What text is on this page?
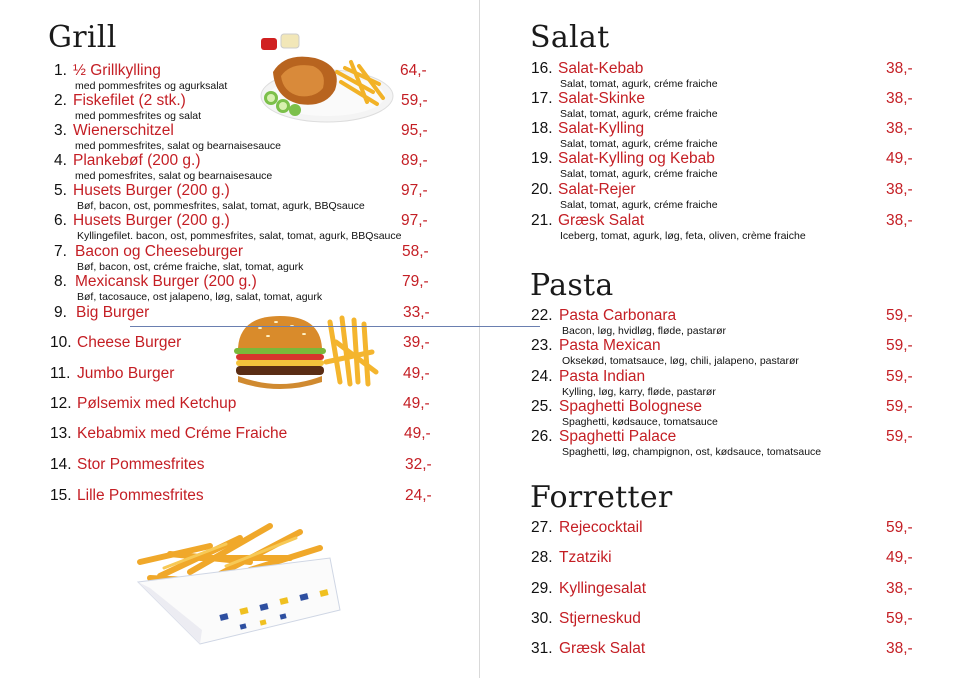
Grill
1. ½ Grillkylling	64,-
med pommesfrites og agurksalat
2. Fiskefilet (2 stk.)	59,-
med pommesfrites og salat
3. Wienerschitzel	95,-
med pommesfrites, salat og bearnaisesauce
4. Plankebøf (200 g.)	89,-
med pomesfrites, salat og bearnaisesauce
5. Husets Burger (200 g.)	97,-
Bøf, bacon, ost, pommesfrites, salat, tomat, agurk, BBQsauce
6. Husets Burger (200 g.)	97,-
Kyllingefilet. bacon, ost, pommesfrites, salat, tomat, agurk, BBQsauce
7. Bacon og Cheeseburger	58,-
Bøf, bacon, ost, créme fraiche, slat, tomat, agurk
8. Mexicansk Burger (200 g.)	79,-
Bøf, tacosauce, ost jalapeno, løg, salat, tomat, agurk
9. Big Burger	33,-
10. Cheese Burger	39,-
11. Jumbo Burger	49,-
12. Pølsemix med Ketchup	49,-
13. Kebabmix med Créme Fraiche	49,-
14. Stor Pommesfrites	32,-
15. Lille Pommesfrites	24,-
Salat
16. Salat-Kebab	38,-
Salat, tomat, agurk, créme fraiche
17. Salat-Skinke	38,-
Salat, tomat, agurk, créme fraiche
18. Salat-Kylling	38,-
Salat, tomat, agurk, créme fraiche
19. Salat-Kylling og Kebab	49,-
Salat, tomat, agurk, créme fraiche
20. Salat-Rejer	38,-
Salat, tomat, agurk, créme fraiche
21. Græsk Salat	38,-
Iceberg, tomat, agurk, løg, feta, oliven, crème fraiche
Pasta
22. Pasta Carbonara	59,-
Bacon, løg, hvidløg, fløde, pastarør
23. Pasta Mexican	59,-
Oksekød, tomatsauce, løg, chili, jalapeno, pastarør
24. Pasta Indian	59,-
Kylling, løg, karry, fløde, pastarør
25. Spaghetti Bolognese	59,-
Spaghetti, kødsauce, tomatsauce
26. Spaghetti Palace	59,-
Spaghetti, løg, champignon, ost, kødsauce, tomatsauce
Forretter
27. Rejecocktail	59,-
28. Tzatziki	49,-
29. Kyllingesalat	38,-
30. Stjerneskud	59,-
31. Græsk Salat	38,-
